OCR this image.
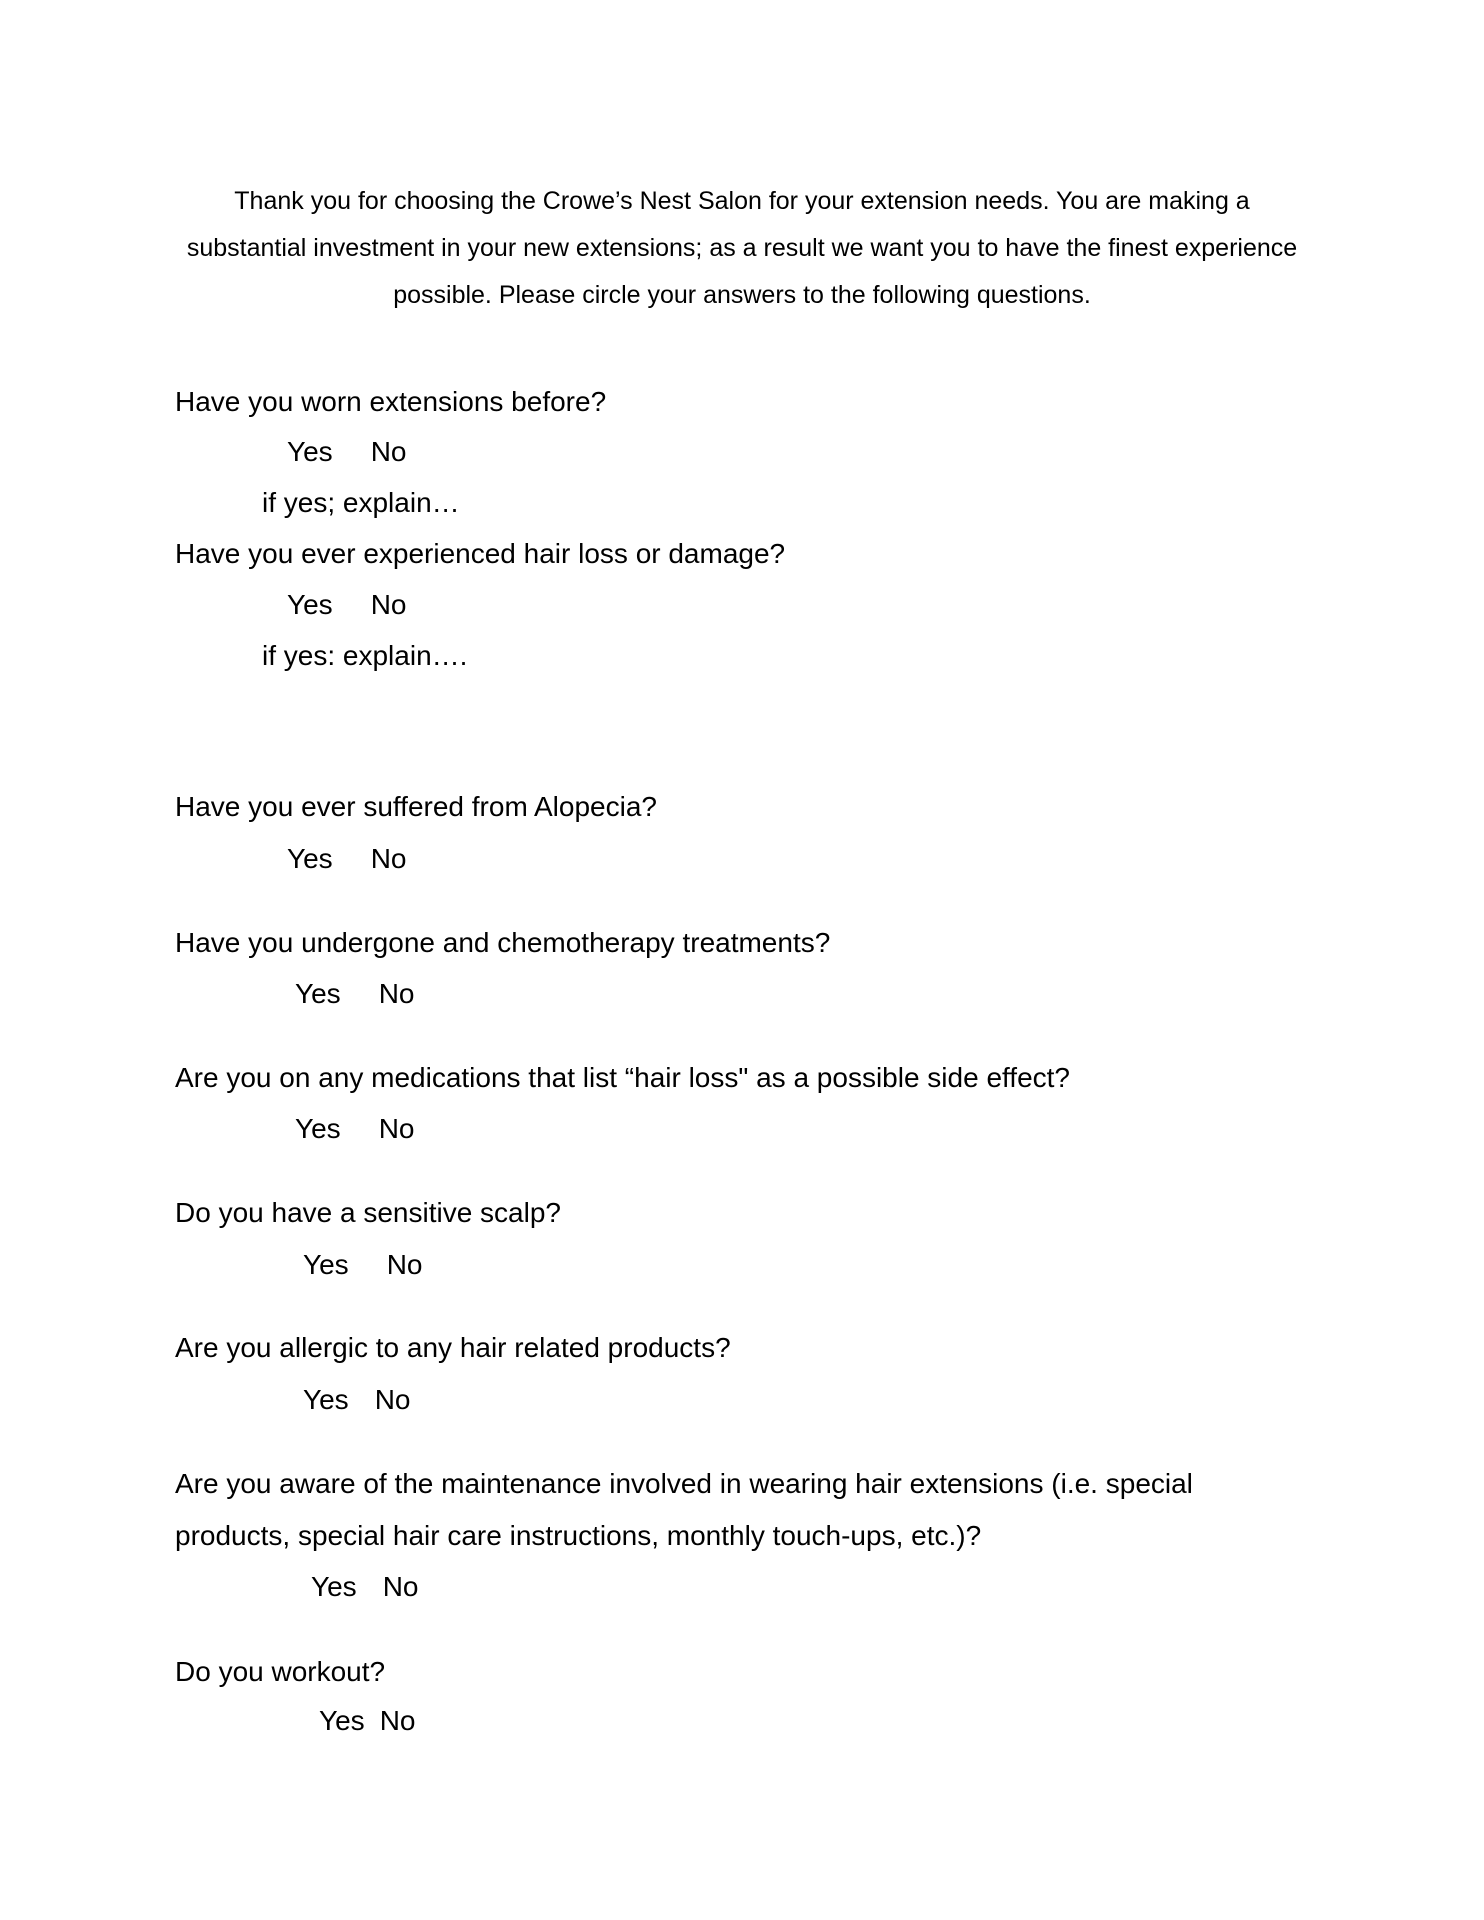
Thank you for choosing the Crowe’s Nest Salon for your extension needs. You are making a substantial investment in your new extensions; as a result we want you to have the finest experience possible. Please circle your answers to the following questions.
Have you worn extensions before?
Yes No
if yes; explain…
Have you ever experienced hair loss or damage?
Yes No
if yes: explain….
Have you ever suffered from Alopecia?
Yes No
Have you undergone and chemotherapy treatments?
Yes No
Are you on any medications that list “hair loss" as a possible side effect?
Yes No
Do you have a sensitive scalp?
Yes No
Are you allergic to any hair related products?
Yes No
Are you aware of the maintenance involved in wearing hair extensions (i.e. special products, special hair care instructions, monthly touch-ups, etc.)?
Yes No
Do you workout?
Yes No
